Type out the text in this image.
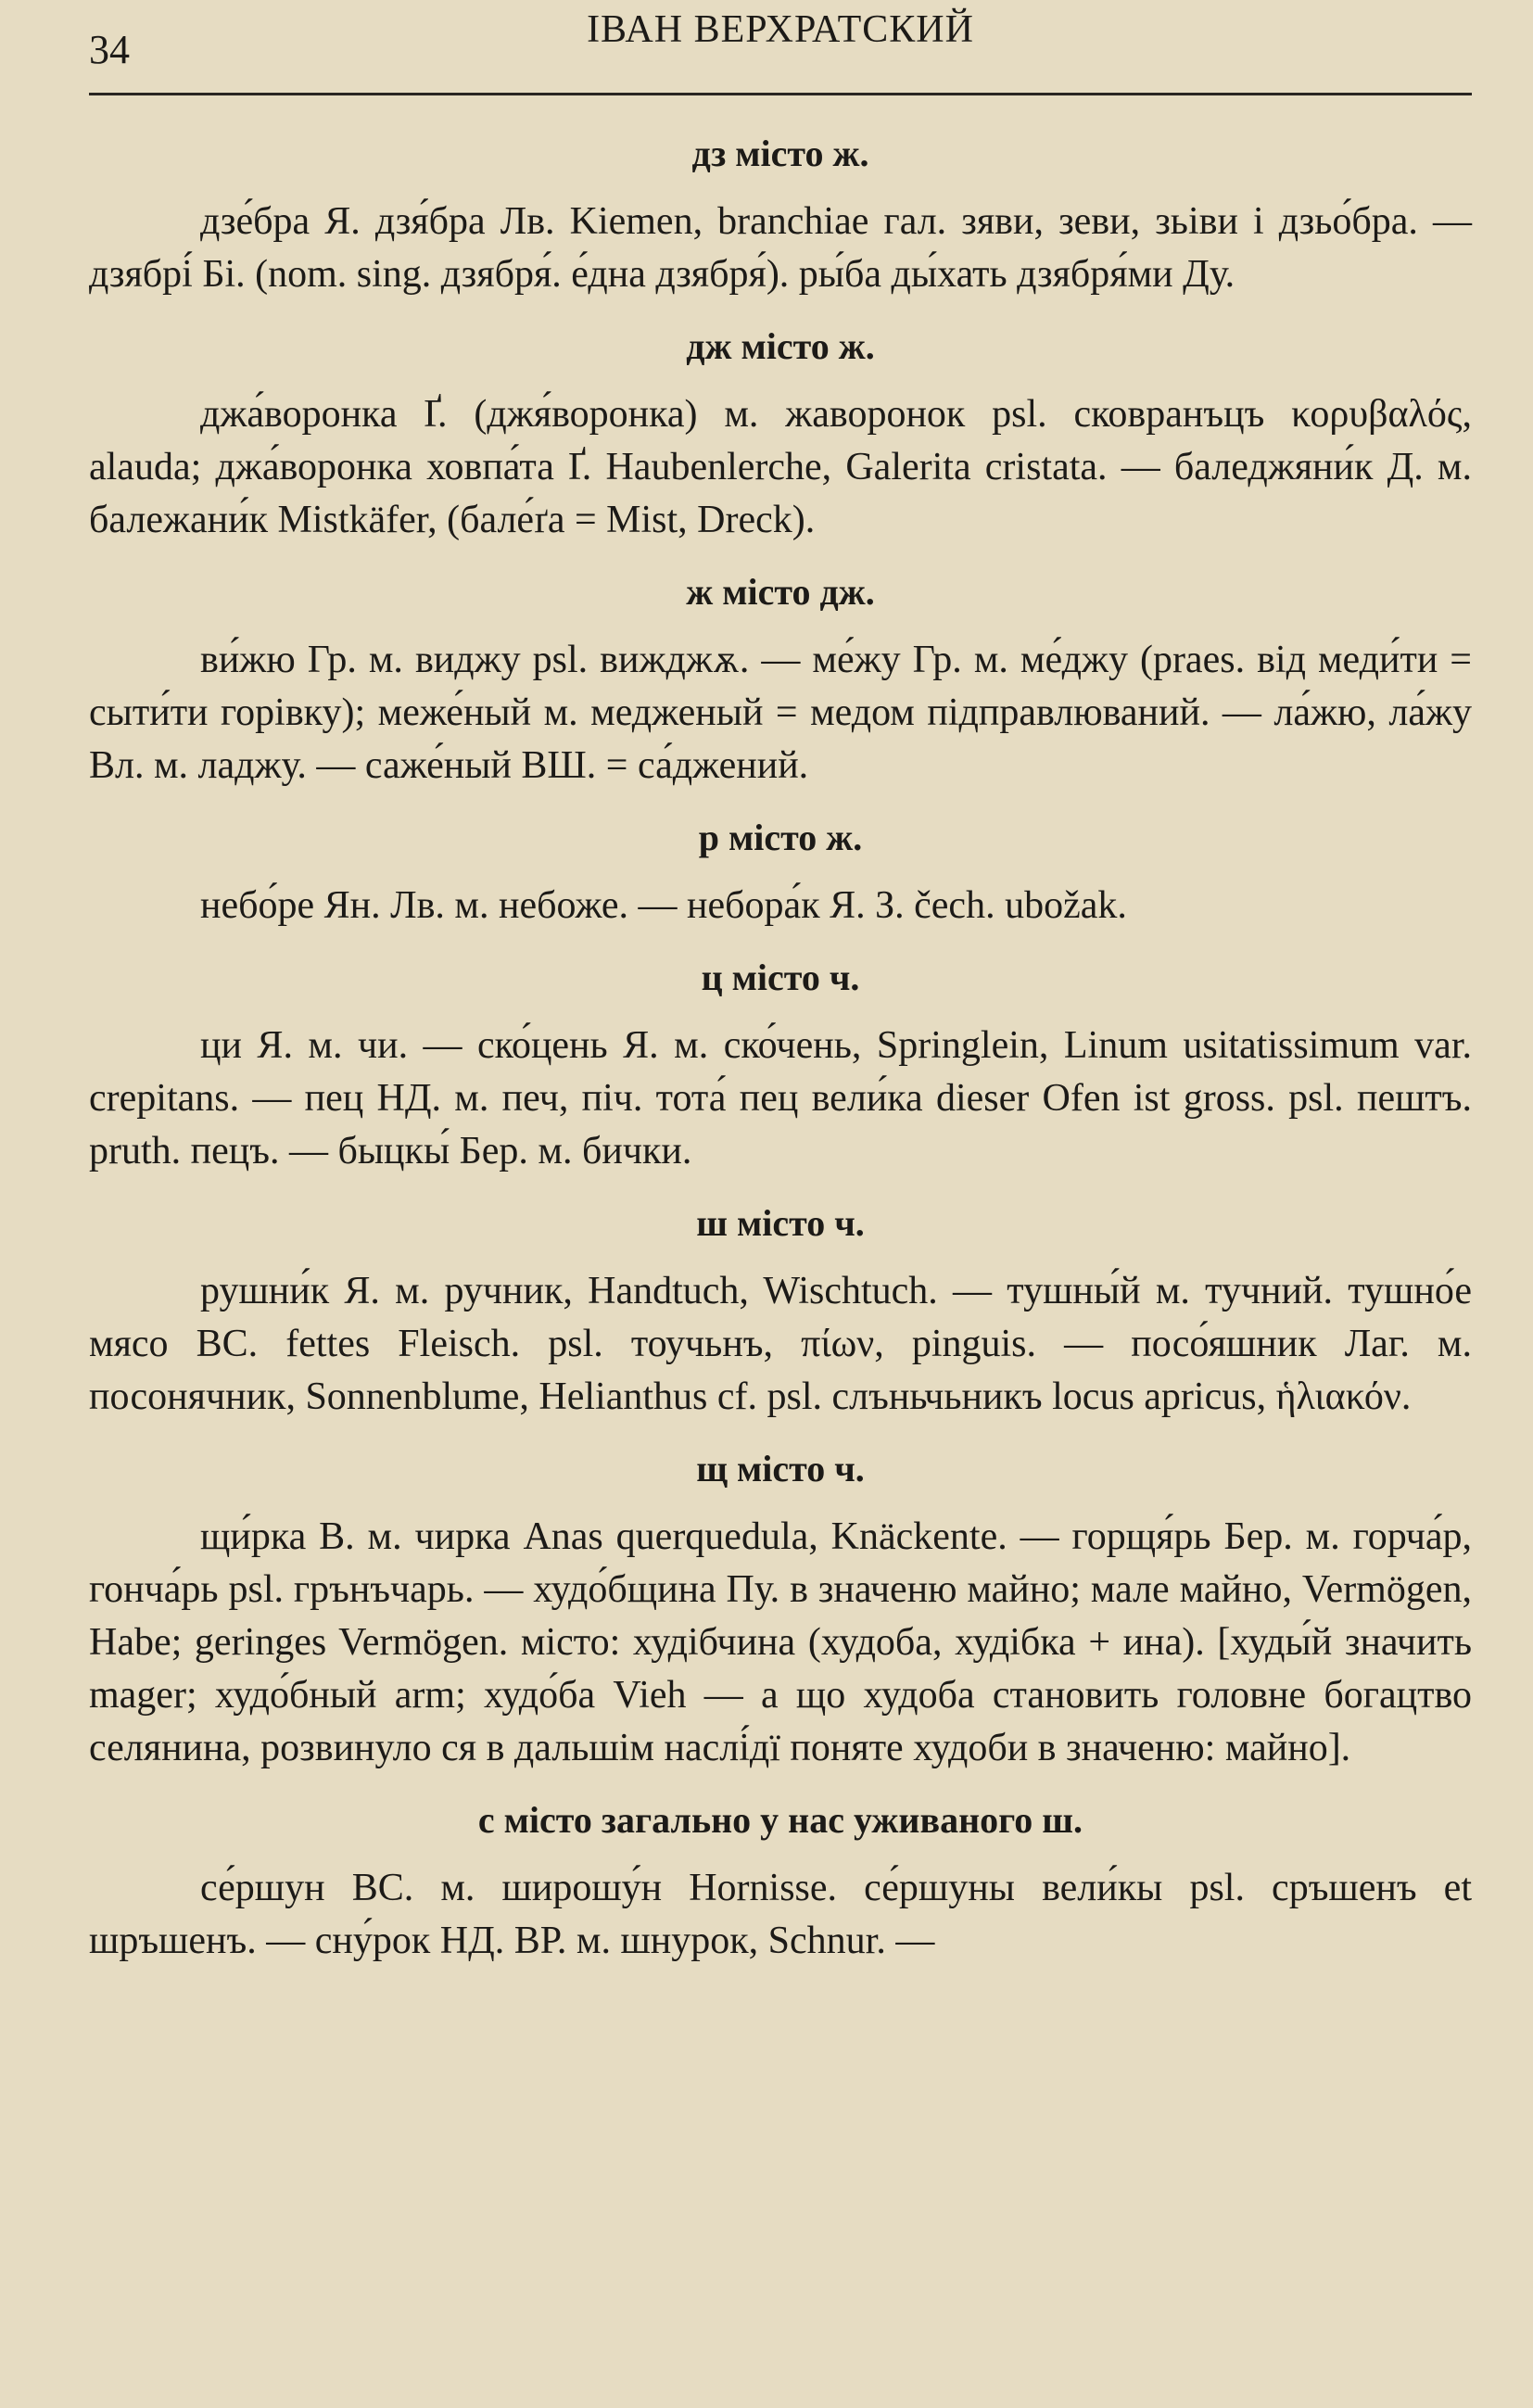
34	ІВАН ВЕРХРАТСКИЙ
дз місто ж.

дзе́бра Я. дзя́бра Лв. Kiemen, branchiae гал. зяви, зеви, зьіви і дзьо́бра. — дзябрі́ Бі. (nom. sing. дзября́. е́дна дзября́). ры́ба ды́хать дзября́ми Ду.

дж місто ж.

джа́воронка Ґ. (джя́воронка) м. жаворонок psl. сковранъцъ κορυβαλός, alauda; джа́воронка ховпа́та Ґ. Haubenlerche, Galerita cristata. — баледжяни́к Д. м. балежани́к Mistkäfer, (бале́ґа = Mist, Dreck).

ж місто дж.

ви́жю Гр. м. виджу psl. вижджѫ. — ме́жу Гр. м. ме́джу (praes. від меди́ти = сыти́ти горівку); меже́ный м. медженый = медом підправлюваний. — ла́жю, ла́жу Вл. м. ладжу. — саже́ный ВШ. = са́джений.

р місто ж.

небо́ре Ян. Лв. м. небоже. — небора́к Я. З. čech. ubožak.

ц місто ч.

ци Я. м. чи. — ско́цень Я. м. ско́чень, Springlein, Linum usitatissimum var. crepitans. — пец НД. м. печ, піч. тота́ пец вели́ка dieser Ofen ist gross. psl. пештъ. pruth. пецъ. — быцкы́ Бер. м. бички.

ш місто ч.

рушни́к Я. м. ручник, Handtuch, Wischtuch. — тушны́й м. тучний. тушно́е мясо ВС. fettes Fleisch. psl. тоучьнъ, πίων, pinguis. — посо́яшник Лаг. м. посонячник, Sonnenblume, Helianthus cf. psl. слъньчьникъ locus apricus, ἡλιακόν.

щ місто ч.

щи́рка В. м. чирка Anas querquedula, Knäckente. — горщя́рь Бер. м. горча́р, гонча́рь psl. грънъчарь. — худо́бщина Пу. в значеню майно; мале майно, Vermögen, Habe; geringes Vermögen. місто: худібчина (худоба, худібка + ина). [худы́й значить mager; худо́бный arm; худо́ба Vieh — а що худоба становить головне богацтво селянина, розвинуло ся в дальшім наслі́дї поняте худоби в значеню: майно].

с місто загально у нас уживаного ш.

се́ршун ВС. м. широшу́н Hornisse. се́ршуны вели́кы psl. сръшенъ et шръшенъ. — сну́рок НД. ВР. м. шнурок, Schnur. —
